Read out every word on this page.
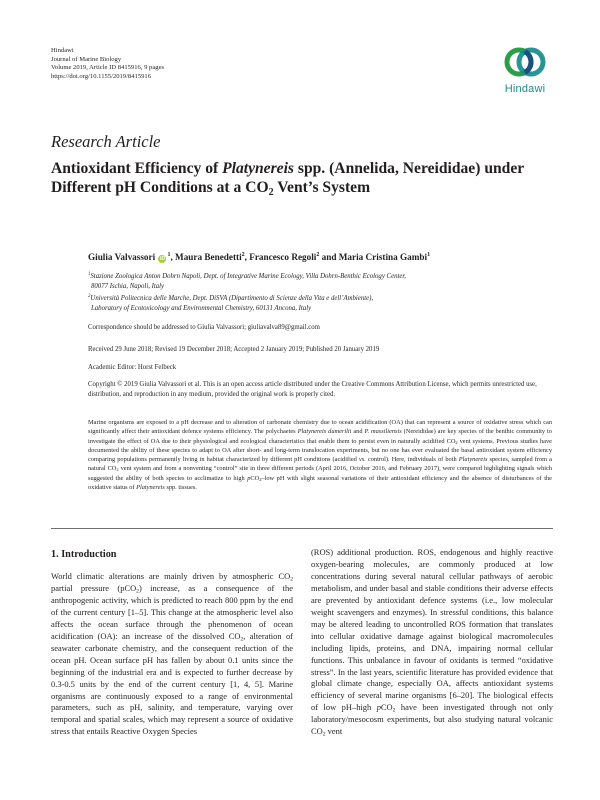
Hindawi
Journal of Marine Biology
Volume 2019, Article ID 8415916, 9 pages
https://doi.org/10.1155/2019/8415916
Hindawi
Research Article
Antioxidant Efficiency of Platynereis spp. (Annelida, Nereididae) under Different pH Conditions at a $CO_2$ Vent’s System
Giulia Valvassori $iD^1$, Maura Benedetti$^2$, Francesco Regoli$^2$ and Maria Cristina Gambi$^1$
$^1$Stazione Zoologica Anton Dohrn Napoli, Dept. of Integrative Marine Ecology, Villa Dohrn-Benthic Ecology Center,
80077 Ischia, Napoli, Italy
$^2$Università Politecnica delle Marche, Dept. DiSVA (Dipartimento di Scienze della Vita e dell’Ambiente),
Laboratory of Ecotoxicology and Environmental Chemistry, 60131 Ancona, Italy
Correspondence should be addressed to Giulia Valvassori; giuliavalva89@gmail.com
Received 29 June 2018; Revised 19 December 2018; Accepted 2 January 2019; Published 20 January 2019
Academic Editor: Horst Felbeck
Copyright © 2019 Giulia Valvassori et al. This is an open access article distributed under the Creative Commons Attribution License, which permits unrestricted use, distribution, and reproduction in any medium, provided the original work is properly cited.
Marine organisms are exposed to a pH decrease and to alteration of carbonate chemistry due to ocean acidification (OA) that can represent a source of oxidative stress which can significantly affect their antioxidant defence systems efficiency. The polychaetes Platynereis dumerilii and P. massiliensis (Nereididae) are key species of the benthic community to investigate the effect of OA due to their physiological and ecological characteristics that enable them to persist even in naturally acidified $CO_2$ vent systems. Previous studies have documented the ability of these species to adapt to OA after short- and long-term translocation experiments, but no one has ever evaluated the basal antioxidant system efficiency comparing populations permanently living in habitat characterized by different pH conditions (acidified vs. control). Here, individuals of both Platynereis species, sampled from a natural $CO_2$ vent system and from a nonventing “control” site in three different periods (April 2016, October 2016, and February 2017), were compared highlighting signals which suggested the ability of both species to acclimatize to high pCO$_2$–low pH with slight seasonal variations of their antioxidant efficiency and the absence of disturbances of the oxidative status of Platynereis spp. tissues.
1. Introduction
World climatic alterations are mainly driven by atmospheric $CO_2$ partial pressure (pCO$_2$) increase, as a consequence of the anthropogenic activity, which is predicted to reach 800 ppm by the end of the current century [1–5]. This change at the atmospheric level also affects the ocean surface through the phenomenon of ocean acidification (OA): an increase of the dissolved $CO_2$, alteration of seawater carbonate chemistry, and the consequent reduction of the ocean pH. Ocean surface pH has fallen by about 0.1 units since the beginning of the industrial era and is expected to further decrease by 0.3-0.5 units by the end of the current century [1, 4, 5]. Marine organisms are continuously exposed to a range of environmental parameters, such as pH, salinity, and temperature, varying over temporal and spatial scales, which may represent a source of oxidative stress that entails Reactive Oxygen Species
(ROS) additional production. ROS, endogenous and highly reactive oxygen-bearing molecules, are commonly produced at low concentrations during several natural cellular pathways of aerobic metabolism, and under basal and stable conditions their adverse effects are prevented by antioxidant defence systems (i.e., low molecular weight scavengers and enzymes). In stressful conditions, this balance may be altered leading to uncontrolled ROS formation that translates into cellular oxidative damage against biological macromolecules including lipids, proteins, and DNA, impairing normal cellular functions. This unbalance in favour of oxidants is termed “oxidative stress”. In the last years, scientific literature has provided evidence that global climate change, especially OA, affects antioxidant systems efficiency of several marine organisms [6–20]. The biological effects of low pH–high pCO$_2$ have been investigated through not only laboratory/mesocosm experiments, but also studying natural volcanic $CO_2$ vent
